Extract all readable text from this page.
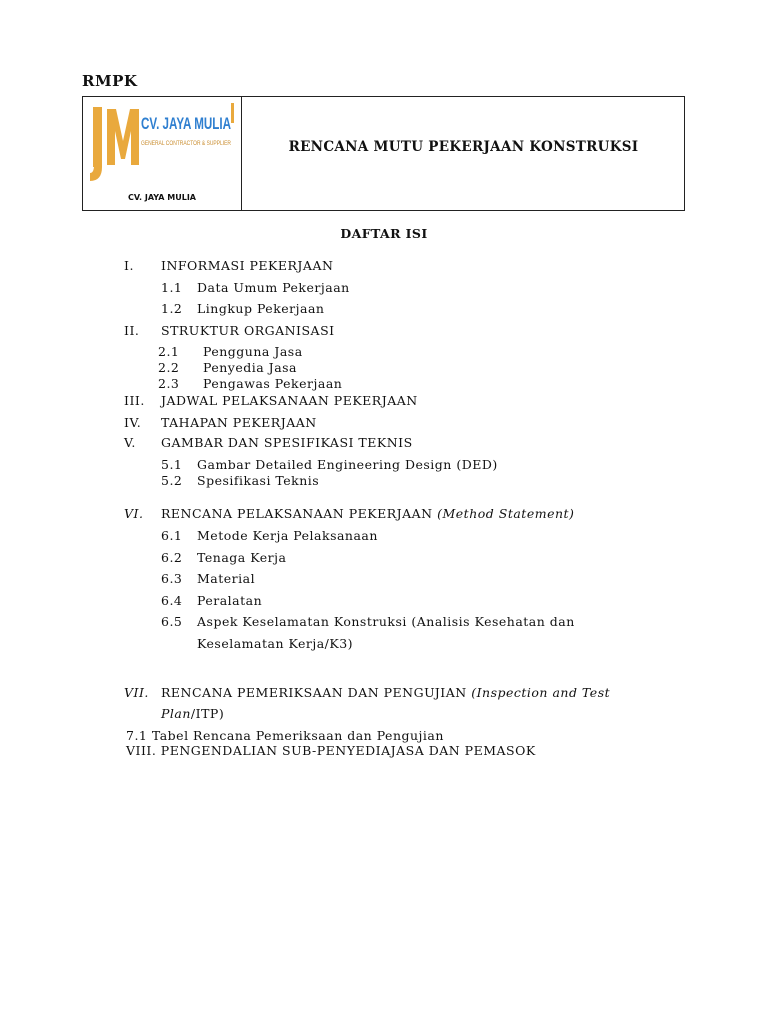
RMPK
CV. JAYA MULIA
GENERAL CONTRACTOR & SUPPLIER
CV. JAYA MULIA
RENCANA MUTU PEKERJAAN KONSTRUKSI
DAFTAR ISI
I. INFORMASI PEKERJAAN
1.1 Data Umum Pekerjaan
1.2 Lingkup Pekerjaan
II. STRUKTUR ORGANISASI
2.1 Pengguna Jasa
2.2 Penyedia Jasa
2.3 Pengawas Pekerjaan
III. JADWAL PELAKSANAAN PEKERJAAN
IV. TAHAPAN PEKERJAAN
V. GAMBAR DAN SPESIFIKASI TEKNIS
5.1 Gambar Detailed Engineering Design (DED)
5.2 Spesifikasi Teknis
VI. RENCANA PELAKSANAAN PEKERJAAN (Method Statement)
6.1 Metode Kerja Pelaksanaan
6.2 Tenaga Kerja
6.3 Material
6.4 Peralatan
6.5 Aspek Keselamatan Konstruksi (Analisis Kesehatan dan
Keselamatan Kerja/K3)
VII. RENCANA PEMERIKSAAN DAN PENGUJIAN (Inspection and Test
Plan/ITP)
7.1 Tabel Rencana Pemeriksaan dan Pengujian
VIII. PENGENDALIAN SUB-PENYEDIAJASA DAN PEMASOK
